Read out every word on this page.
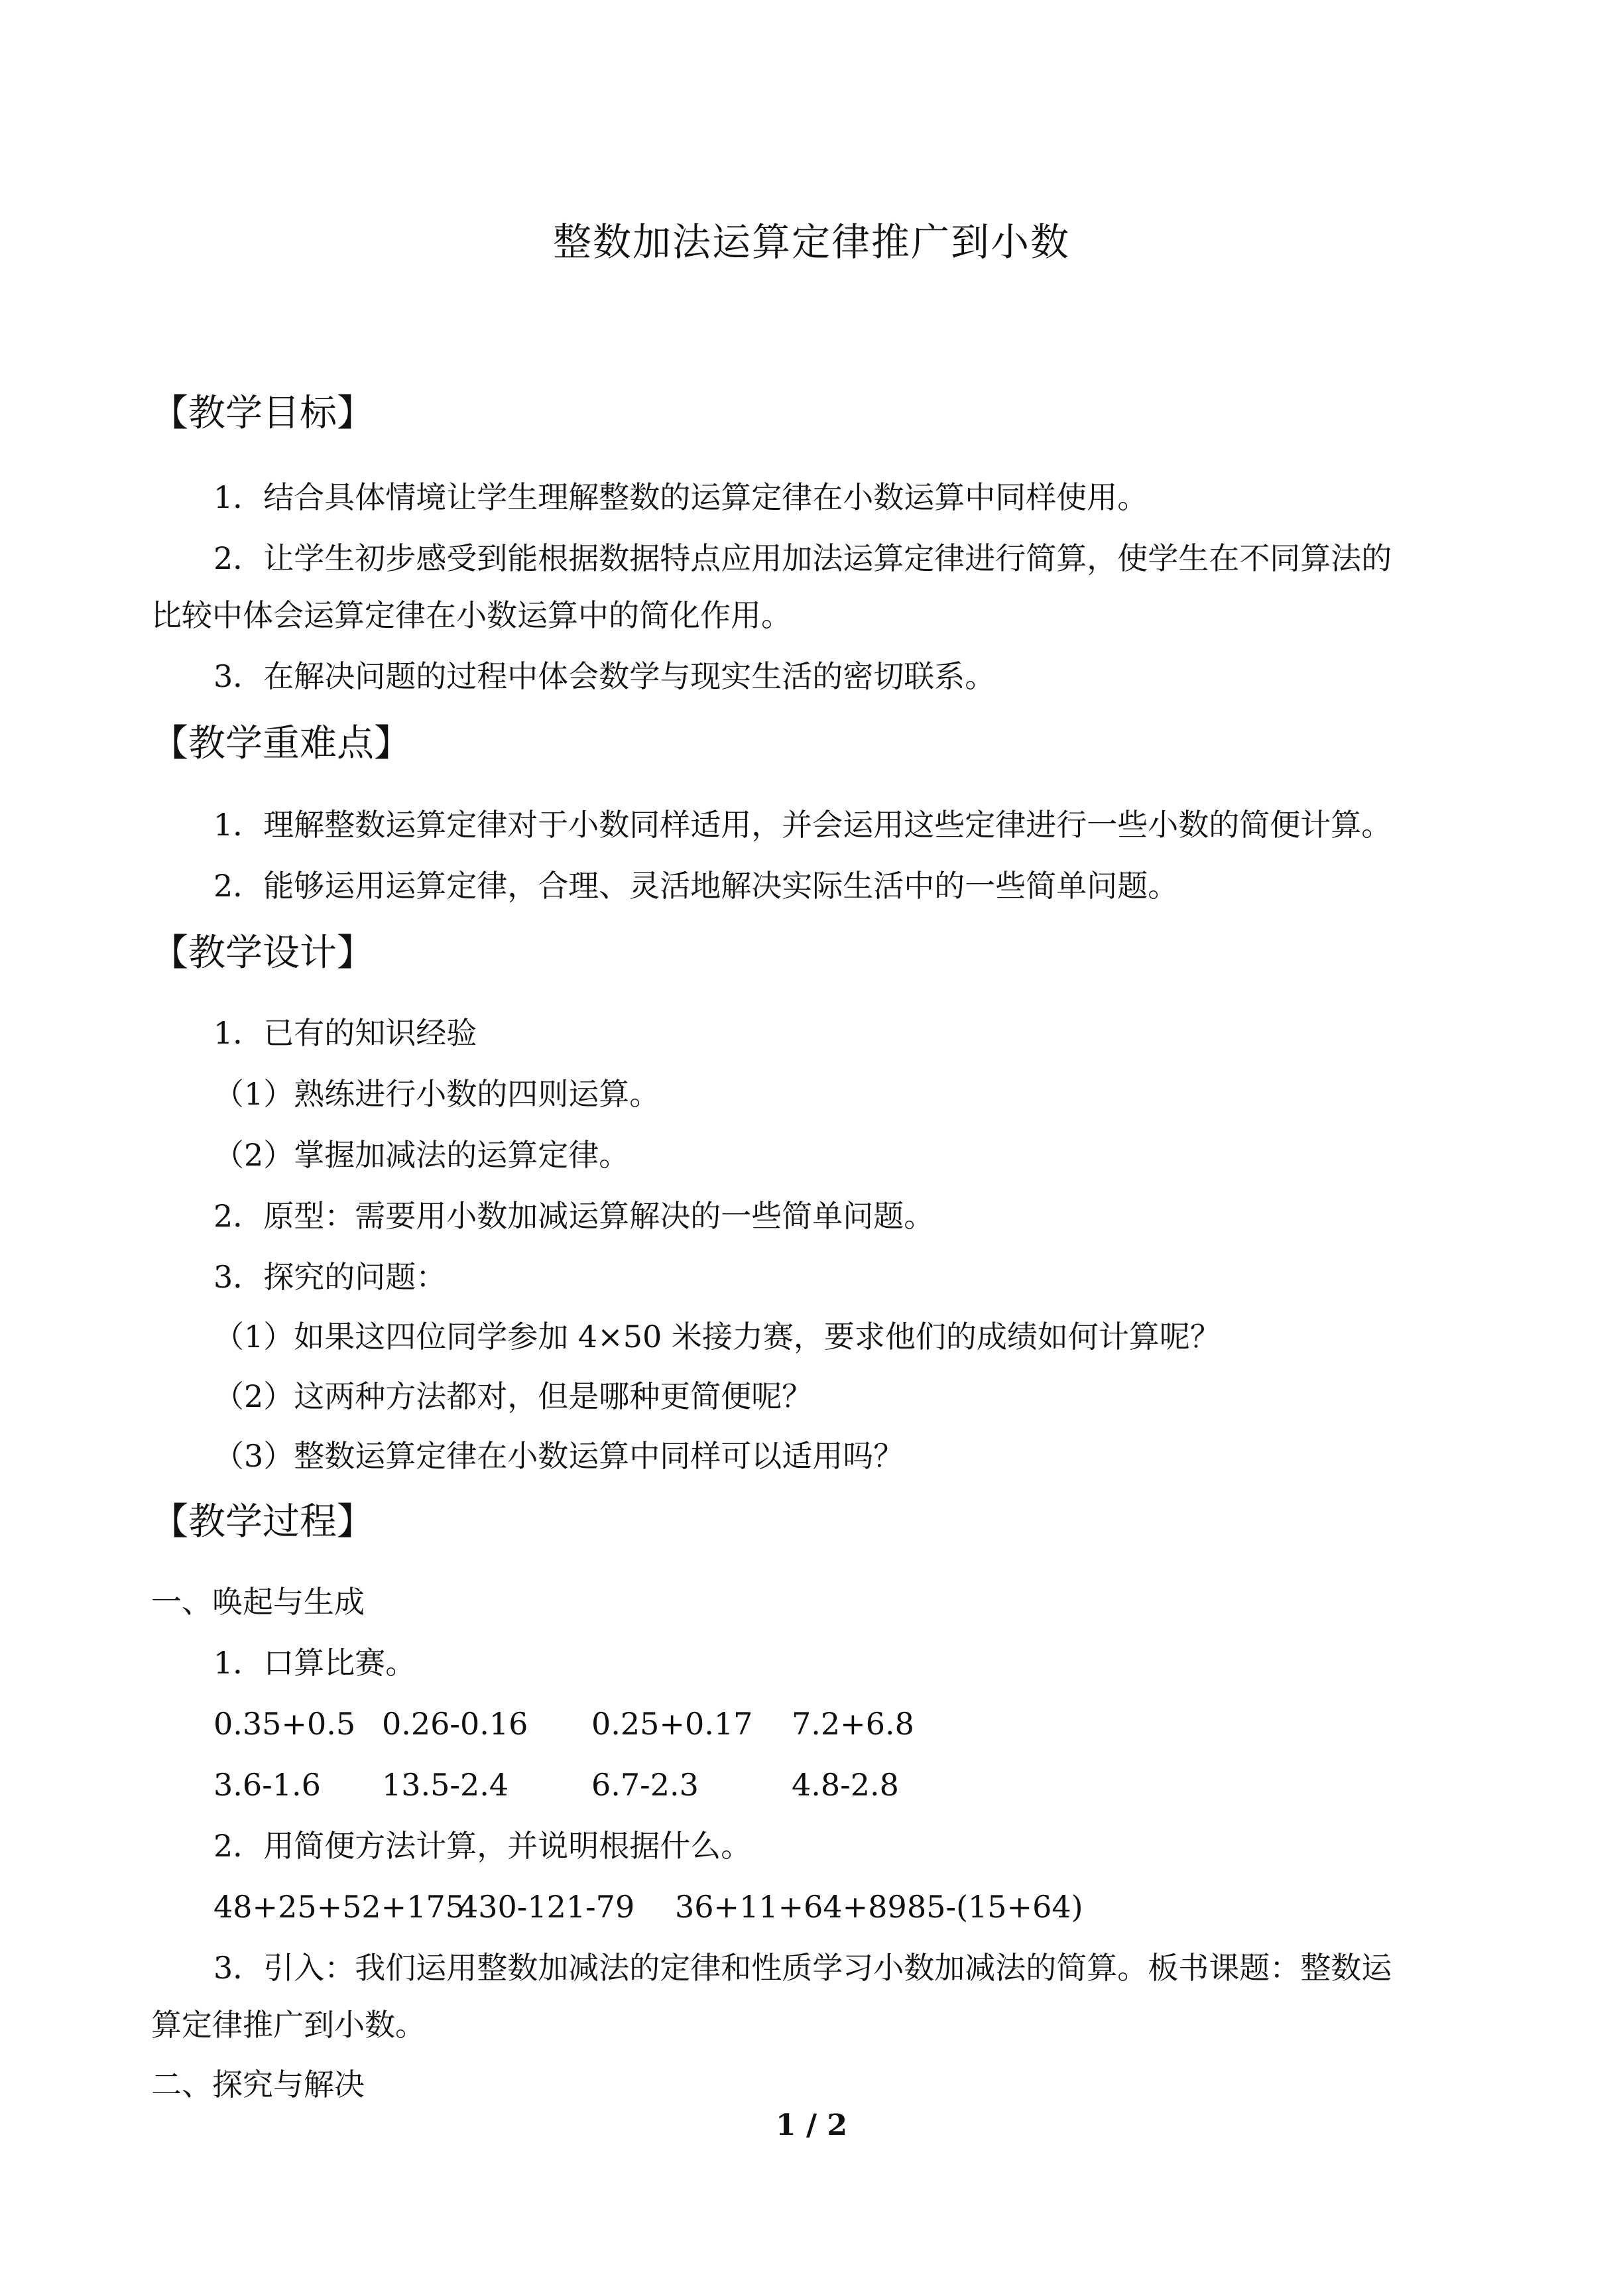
整数加法运算定律推广到小数
【教学目标】
1．结合具体情境让学生理解整数的运算定律在小数运算中同样使用。
2．让学生初步感受到能根据数据特点应用加法运算定律进行简算，使学生在不同算法的
比较中体会运算定律在小数运算中的简化作用。
3．在解决问题的过程中体会数学与现实生活的密切联系。
【教学重难点】
1．理解整数运算定律对于小数同样适用，并会运用这些定律进行一些小数的简便计算。
2．能够运用运算定律，合理、灵活地解决实际生活中的一些简单问题。
【教学设计】
1．已有的知识经验
（1）熟练进行小数的四则运算。
（2）掌握加减法的运算定律。
2．原型：需要用小数加减运算解决的一些简单问题。
3．探究的问题：
（1）如果这四位同学参加 4×50 米接力赛，要求他们的成绩如何计算呢？
（2）这两种方法都对，但是哪种更简便呢？
（3）整数运算定律在小数运算中同样可以适用吗？
【教学过程】
一、唤起与生成
1．口算比赛。
0.35+0.5 0.26-0.16 0.25+0.17 7.2+6.8
3.6-1.6 13.5-2.4	6.7-2.3	4.8-2.8
2．用简便方法计算，并说明根据什么。
48+25+52+175
430-121-79 36+11+64+89 85-(15+64)
3．引入：我们运用整数加减法的定律和性质学习小数加减法的简算。板书课题：整数运
算定律推广到小数。
二、探究与解决
1 / 2
